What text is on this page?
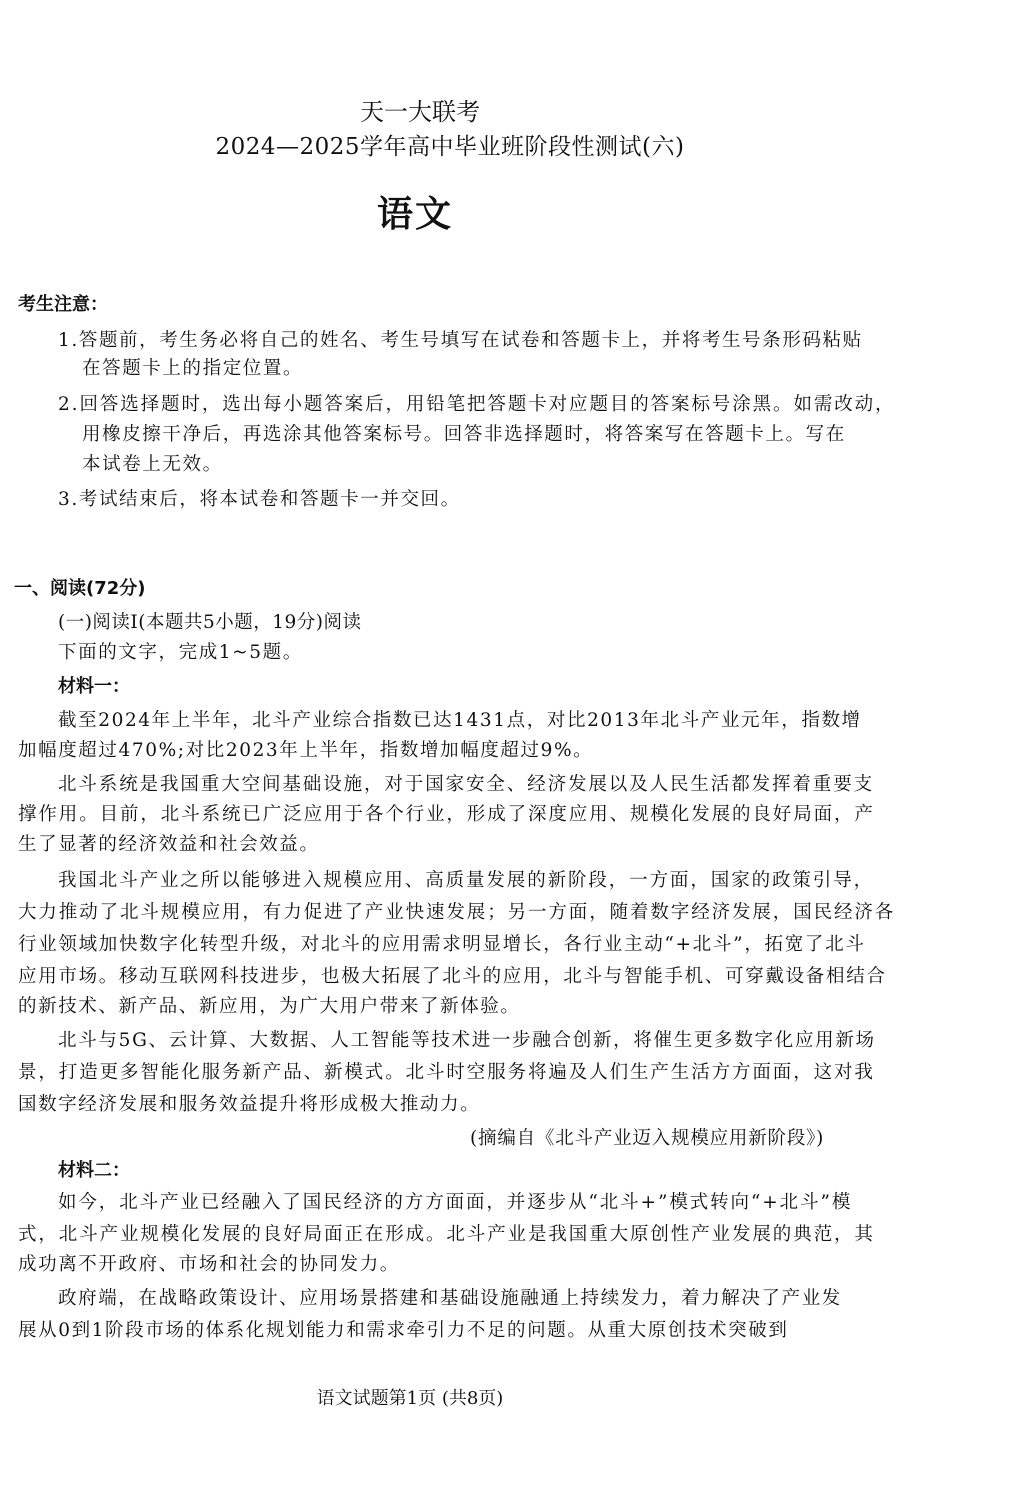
天一大联考
2024—2025学年高中毕业班阶段性测试(六)
语文
考生注意：
1.答题前，考生务必将自己的姓名、考生号填写在试卷和答题卡上，并将考生号条形码粘贴
在答题卡上的指定位置。
2.回答选择题时，选出每小题答案后，用铅笔把答题卡对应题目的答案标号涂黑。如需改动，
用橡皮擦干净后，再选涂其他答案标号。回答非选择题时，将答案写在答题卡上。写在
本试卷上无效。
3.考试结束后，将本试卷和答题卡一并交回。
一、阅读(72分)
(一)阅读Ⅰ(本题共5小题，19分)阅读
下面的文字，完成1~5题。
材料一：
截至2024年上半年，北斗产业综合指数已达1431点，对比2013年北斗产业元年，指数增
加幅度超过470%;对比2023年上半年，指数增加幅度超过9%。
北斗系统是我国重大空间基础设施，对于国家安全、经济发展以及人民生活都发挥着重要支
撑作用。目前，北斗系统已广泛应用于各个行业，形成了深度应用、规模化发展的良好局面，产
生了显著的经济效益和社会效益。
我国北斗产业之所以能够进入规模应用、高质量发展的新阶段，一方面，国家的政策引导，
大力推动了北斗规模应用，有力促进了产业快速发展；另一方面，随着数字经济发展，国民经济各
行业领域加快数字化转型升级，对北斗的应用需求明显增长，各行业主动“+北斗”，拓宽了北斗
应用市场。移动互联网科技进步，也极大拓展了北斗的应用，北斗与智能手机、可穿戴设备相结合
的新技术、新产品、新应用，为广大用户带来了新体验。
北斗与5G、云计算、大数据、人工智能等技术进一步融合创新，将催生更多数字化应用新场
景，打造更多智能化服务新产品、新模式。北斗时空服务将遍及人们生产生活方方面面，这对我
国数字经济发展和服务效益提升将形成极大推动力。
(摘编自《北斗产业迈入规模应用新阶段》)
材料二：
如今，北斗产业已经融入了国民经济的方方面面，并逐步从“北斗+”模式转向“+北斗”模
式，北斗产业规模化发展的良好局面正在形成。北斗产业是我国重大原创性产业发展的典范，其
成功离不开政府、市场和社会的协同发力。
政府端，在战略政策设计、应用场景搭建和基础设施融通上持续发力，着力解决了产业发
展从0到1阶段市场的体系化规划能力和需求牵引力不足的问题。从重大原创技术突破到
语文试题第1页 (共8页)
